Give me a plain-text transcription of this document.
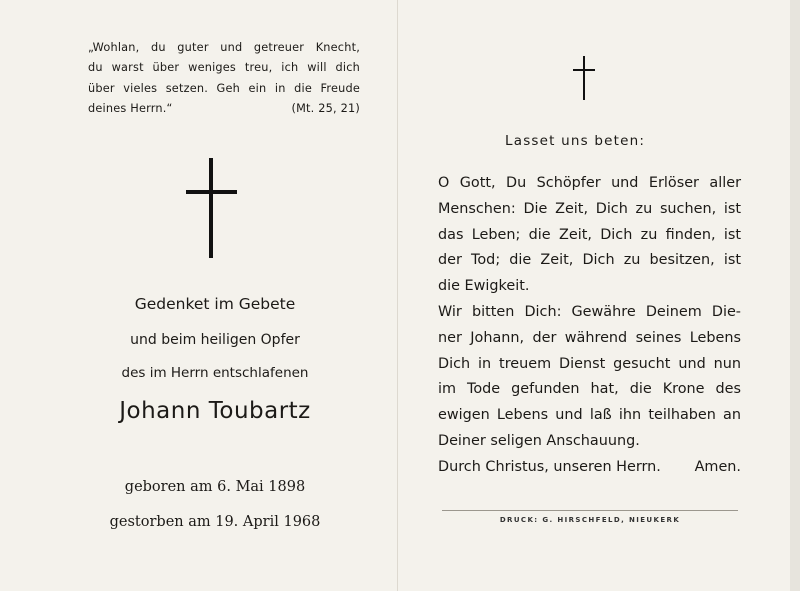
„Wohlan, du guter und getreuer Knecht,
du warst über weniges treu, ich will dich
über vieles setzen. Geh ein in die Freude
deines Herrn.“	(Mt. 25, 21)
Gedenket im Gebete
und beim heiligen Opfer
des im Herrn entschlafenen
Johann Toubartz
geboren am 6. Mai 1898
gestorben am 19. April 1968
Lasset uns beten:
O Gott, Du Schöpfer und Erlöser aller
Menschen: Die Zeit, Dich zu suchen, ist
das Leben; die Zeit, Dich zu finden, ist
der Tod; die Zeit, Dich zu besitzen, ist
die Ewigkeit.
Wir bitten Dich: Gewähre Deinem Die-
ner Johann, der während seines Lebens
Dich in treuem Dienst gesucht und nun
im Tode gefunden hat, die Krone des
ewigen Lebens und laß ihn teilhaben an
Deiner seligen Anschauung.
Durch Christus, unseren Herrn. Amen.
DRUCK: G. HIRSCHFELD, NIEUKERK
